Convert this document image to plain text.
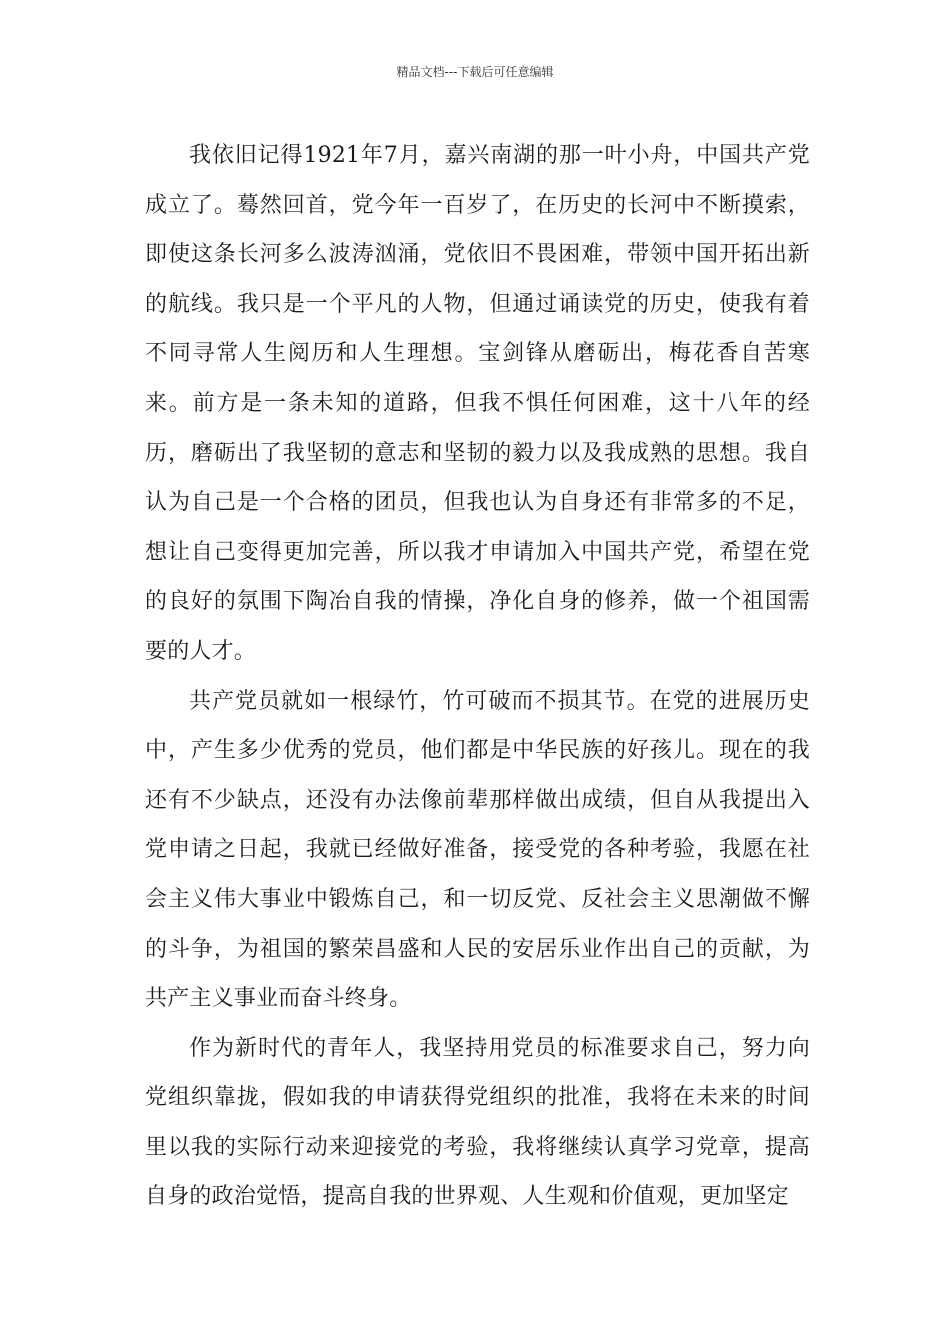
精品文档---下载后可任意编辑

我依旧记得1921年7月，嘉兴南湖的那一叶小舟，中国共产党成立了。蓦然回首，党今年一百岁了，在历史的长河中不断摸索，即使这条长河多么波涛汹涌，党依旧不畏困难，带领中国开拓出新的航线。我只是一个平凡的人物，但通过诵读党的历史，使我有着不同寻常人生阅历和人生理想。宝剑锋从磨砺出，梅花香自苦寒来。前方是一条未知的道路，但我不惧任何困难，这十八年的经历，磨砺出了我坚韧的意志和坚韧的毅力以及我成熟的思想。我自认为自己是一个合格的团员，但我也认为自身还有非常多的不足，想让自己变得更加完善，所以我才申请加入中国共产党，希望在党的良好的氛围下陶冶自我的情操，净化自身的修养，做一个祖国需要的人才。

共产党员就如一根绿竹，竹可破而不损其节。在党的进展历史中，产生多少优秀的党员，他们都是中华民族的好孩儿。现在的我还有不少缺点，还没有办法像前辈那样做出成绩，但自从我提出入党申请之日起，我就已经做好准备，接受党的各种考验，我愿在社会主义伟大事业中锻炼自己，和一切反党、反社会主义思潮做不懈的斗争，为祖国的繁荣昌盛和人民的安居乐业作出自己的贡献，为共产主义事业而奋斗终身。

作为新时代的青年人，我坚持用党员的标准要求自己，努力向党组织靠拢，假如我的申请获得党组织的批准，我将在未来的时间里以我的实际行动来迎接党的考验，我将继续认真学习党章，提高自身的政治觉悟，提高自我的世界观、人生观和价值观，更加坚定
